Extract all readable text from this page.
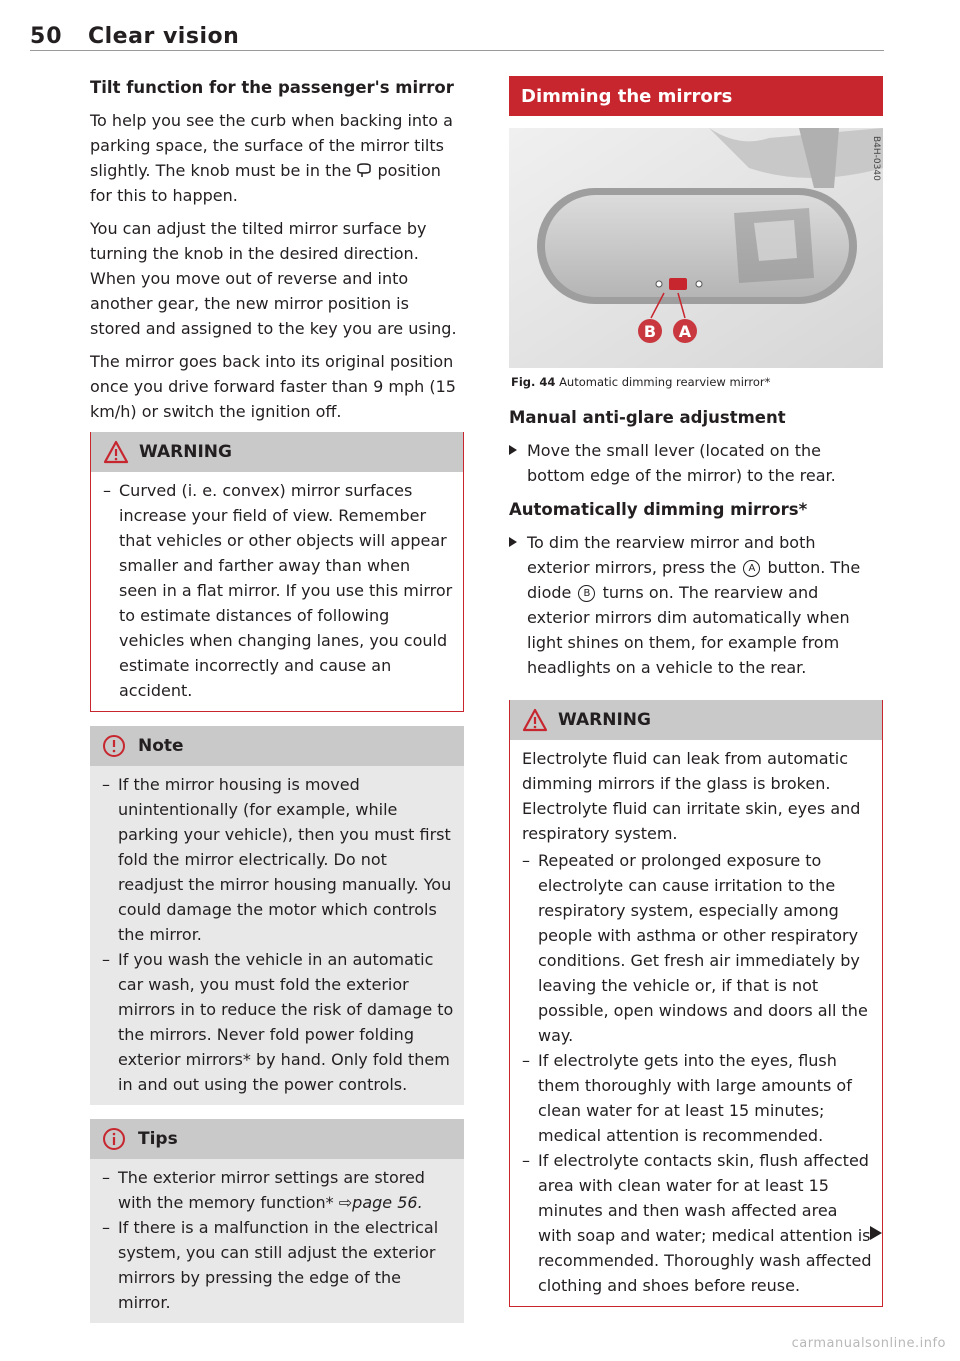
50 Clear vision
Tilt function for the passenger's mirror

To help you see the curb when backing into a parking space, the surface of the mirror tilts slightly. The knob must be in the position for this to happen.

You can adjust the tilted mirror surface by turning the knob in the desired direction. When you move out of reverse and into another gear, the new mirror position is stored and assigned to the key you are using.

The mirror goes back into its original position once you drive forward faster than 9 mph (15 km/h) or switch the ignition off.

WARNING
– Curved (i. e. convex) mirror surfaces increase your field of view. Remember that vehicles or other objects will appear smaller and farther away than when seen in a flat mirror. If you use this mirror to estimate distances of following vehicles when changing lanes, you could estimate incorrectly and cause an accident.
Note
– If the mirror housing is moved unintentionally (for example, while parking your vehicle), then you must first fold the mirror electrically. Do not readjust the mirror housing manually. You could damage the motor which controls the mirror.
– If you wash the vehicle in an automatic car wash, you must fold the exterior mirrors in to reduce the risk of damage to the mirrors. Never fold power folding exterior mirrors* by hand. Only fold them in and out using the power controls.
Tips
– The exterior mirror settings are stored with the memory function* ⇨page 56.
– If there is a malfunction in the electrical system, you can still adjust the exterior mirrors by pressing the edge of the mirror.
Dimming the mirrors
B A
B4H-0340
Fig. 44 Automatic dimming rearview mirror*
Manual anti-glare adjustment
Move the small lever (located on the bottom edge of the mirror) to the rear.
Automatically dimming mirrors*
To dim the rearview mirror and both exterior mirrors, press the A button. The diode B turns on. The rearview and exterior mirrors dim automatically when light shines on them, for example from headlights on a vehicle to the rear.
WARNING

Electrolyte fluid can leak from automatic dimming mirrors if the glass is broken. Electrolyte fluid can irritate skin, eyes and respiratory system.

– Repeated or prolonged exposure to electrolyte can cause irritation to the respiratory system, especially among people with asthma or other respiratory conditions. Get fresh air immediately by leaving the vehicle or, if that is not possible, open windows and doors all the way.
– If electrolyte gets into the eyes, flush them thoroughly with large amounts of clean water for at least 15 minutes; medical attention is recommended.
– If electrolyte contacts skin, flush affected area with clean water for at least 15 minutes and then wash affected area with soap and water; medical attention is recommended. Thoroughly wash affected clothing and shoes before reuse.
carmanualsonline.info
